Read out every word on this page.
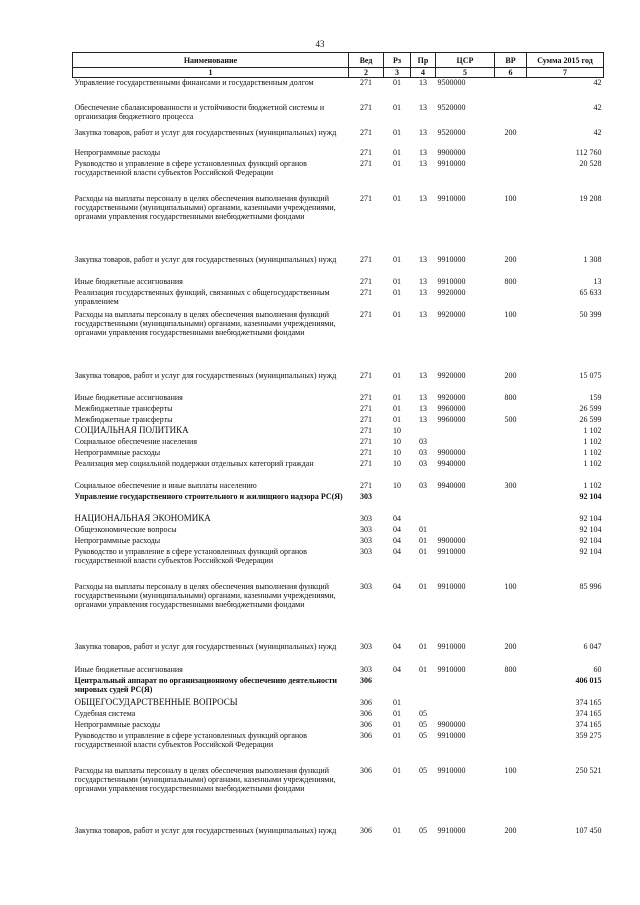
43
Наименование	Вед	Рз	Пр	ЦСР	ВР	Сумма 2015 год
1	2	3	4	5	6	7
Управление государственными финансами и государственным долгом	271	01	13	9500000		42
Обеспечение сбалансированности и устойчивости бюджетной системы и организация бюджетного процесса	271	01	13	9520000		42
Закупка товаров, работ и услуг для государственных (муниципальных) нужд	271	01	13	9520000	200	42
Непрограммные расходы	271	01	13	9900000		112 760
Руководство и управление в сфере установленных функций органов государственной власти субъектов Российской Федерации	271	01	13	9910000		20 528
Расходы на выплаты персоналу в целях обеспечения выполнения функций государственными (муниципальными) органами, казенными учреждениями, органами управления государственными внебюджетными фондами	271	01	13	9910000	100	19 208
Закупка товаров, работ и услуг для государственных (муниципальных) нужд	271	01	13	9910000	200	1 308
Иные бюджетные ассигнования	271	01	13	9910000	800	13
Реализация государственных функций, связанных с общегосударственным управлением	271	01	13	9920000		65 633
Расходы на выплаты персоналу в целях обеспечения выполнения функций государственными (муниципальными) органами, казенными учреждениями, органами управления государственными внебюджетными фондами	271	01	13	9920000	100	50 399
Закупка товаров, работ и услуг для государственных (муниципальных) нужд	271	01	13	9920000	200	15 075
Иные бюджетные ассигнования	271	01	13	9920000	800	159
Межбюджетные трансферты	271	01	13	9960000		26 599
Межбюджетные трансферты	271	01	13	9960000	500	26 599
СОЦИАЛЬНАЯ ПОЛИТИКА	271	10				1 102
Социальное обеспечение населения	271	10	03			1 102
Непрограммные расходы	271	10	03	9900000		1 102
Реализация мер социальной поддержки отдельных категорий граждан	271	10	03	9940000		1 102
Социальное обеспечение и иные выплаты населению	271	10	03	9940000	300	1 102
Управление государственного строительного и жилищного надзора РС(Я)	303					92 104
НАЦИОНАЛЬНАЯ ЭКОНОМИКА	303	04				92 104
Общеэкономические вопросы	303	04	01			92 104
Непрограммные расходы	303	04	01	9900000		92 104
Руководство и управление в сфере установленных функций органов государственной власти субъектов Российской Федерации	303	04	01	9910000		92 104
Расходы на выплаты персоналу в целях обеспечения выполнения функций государственными (муниципальными) органами, казенными учреждениями, органами управления государственными внебюджетными фондами	303	04	01	9910000	100	85 996
Закупка товаров, работ и услуг для государственных (муниципальных) нужд	303	04	01	9910000	200	6 047
Иные бюджетные ассигнования	303	04	01	9910000	800	60
Центральный аппарат по организационному обеспечению деятельности мировых судей РС(Я)	306					406 015
ОБЩЕГОСУДАРСТВЕННЫЕ ВОПРОСЫ	306	01				374 165
Судебная система	306	01	05			374 165
Непрограммные расходы	306	01	05	9900000		374 165
Руководство и управление в сфере установленных функций органов государственной власти субъектов Российской Федерации	306	01	05	9910000		359 275
Расходы на выплаты персоналу в целях обеспечения выполнения функций государственными (муниципальными) органами, казенными учреждениями, органами управления государственными внебюджетными фондами	306	01	05	9910000	100	250 521
Закупка товаров, работ и услуг для государственных (муниципальных) нужд	306	01	05	9910000	200	107 450
